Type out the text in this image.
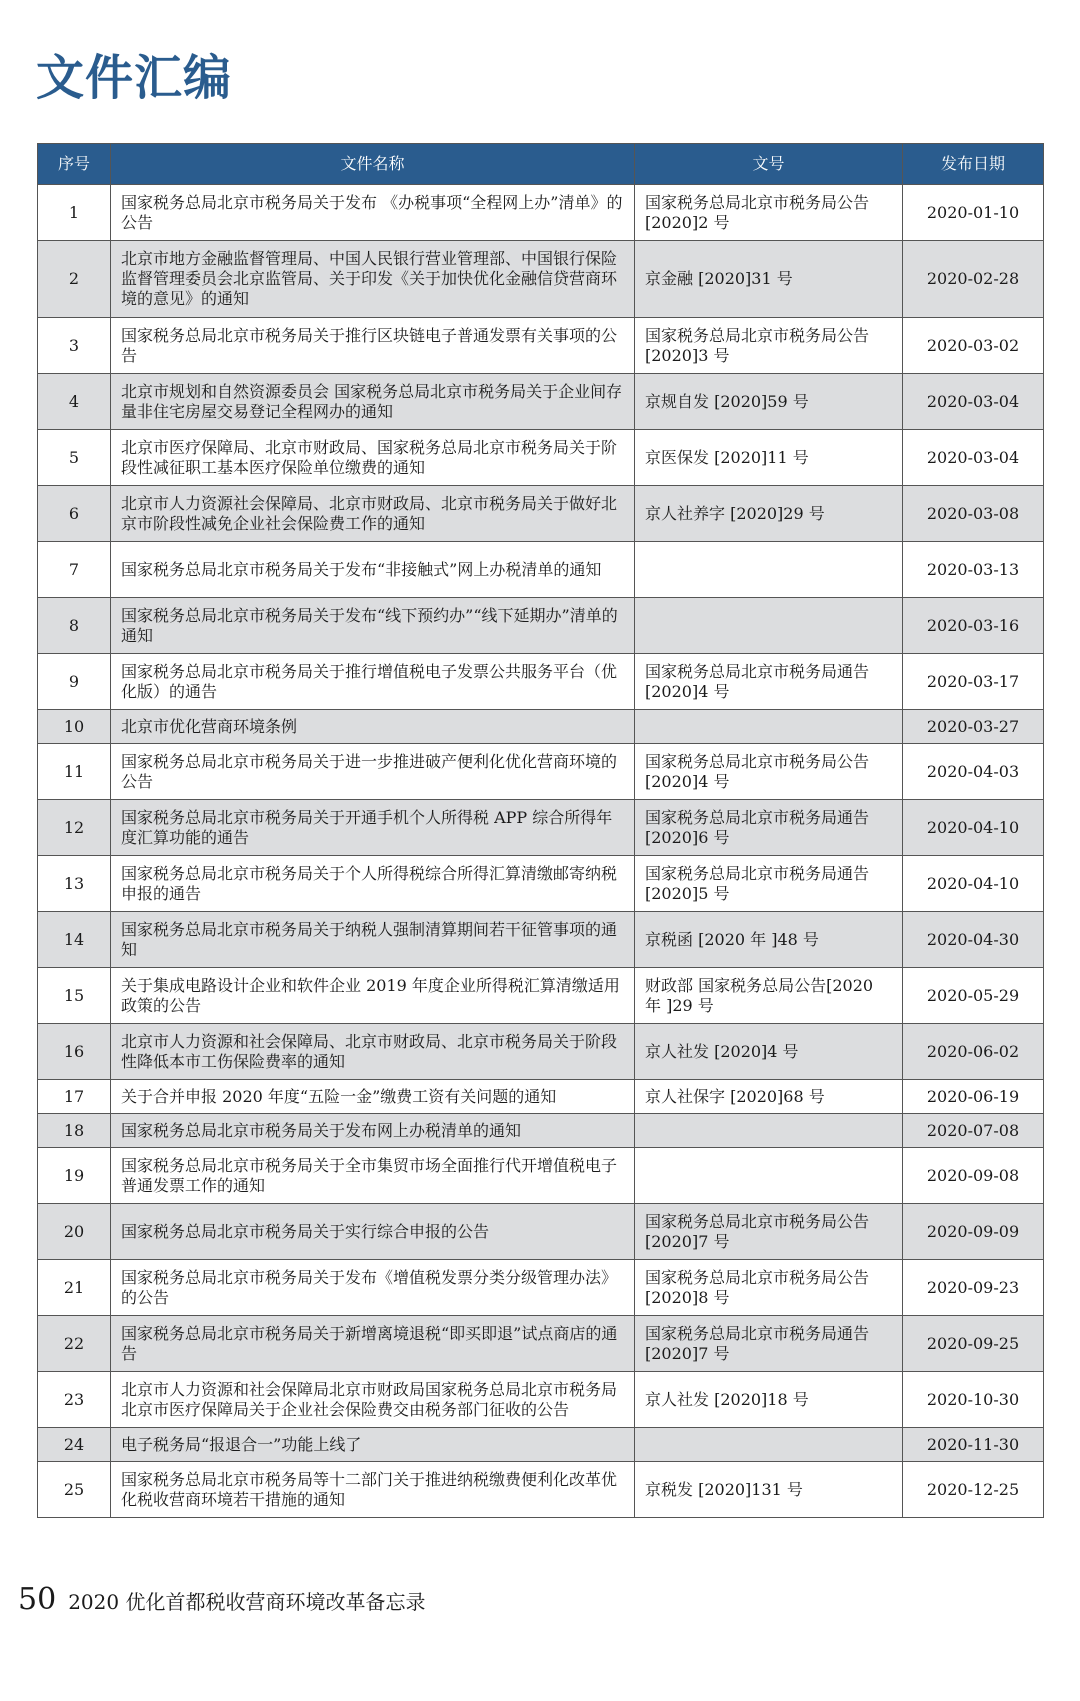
文件汇编
序号	文件名称	文号	发布日期
1	国家税务总局北京市税务局关于发布 《办税事项“全程网上办”清单》的公告	国家税务总局北京市税务局公告[2020]2 号	2020-01-10
2	北京市地方金融监督管理局、中国人民银行营业管理部、中国银行保险监督管理委员会北京监管局、关于印发《关于加快优化金融信贷营商环境的意见》的通知	京金融 [2020]31 号	2020-02-28
3	国家税务总局北京市税务局关于推行区块链电子普通发票有关事项的公告	国家税务总局北京市税务局公告[2020]3 号	2020-03-02
4	北京市规划和自然资源委员会 国家税务总局北京市税务局关于企业间存量非住宅房屋交易登记全程网办的通知	京规自发 [2020]59 号	2020-03-04
5	北京市医疗保障局、北京市财政局、国家税务总局北京市税务局关于阶段性减征职工基本医疗保险单位缴费的通知	京医保发 [2020]11 号	2020-03-04
6	北京市人力资源社会保障局、北京市财政局、北京市税务局关于做好北京市阶段性减免企业社会保险费工作的通知	京人社养字 [2020]29 号	2020-03-08
7	国家税务总局北京市税务局关于发布“非接触式”网上办税清单的通知		2020-03-13
8	国家税务总局北京市税务局关于发布“线下预约办”“线下延期办”清单的通知		2020-03-16
9	国家税务总局北京市税务局关于推行增值税电子发票公共服务平台（优化版）的通告	国家税务总局北京市税务局通告[2020]4 号	2020-03-17
10	北京市优化营商环境条例		2020-03-27
11	国家税务总局北京市税务局关于进一步推进破产便利化优化营商环境的公告	国家税务总局北京市税务局公告[2020]4 号	2020-04-03
12	国家税务总局北京市税务局关于开通手机个人所得税 APP 综合所得年度汇算功能的通告	国家税务总局北京市税务局通告[2020]6 号	2020-04-10
13	国家税务总局北京市税务局关于个人所得税综合所得汇算清缴邮寄纳税申报的通告	国家税务总局北京市税务局通告[2020]5 号	2020-04-10
14	国家税务总局北京市税务局关于纳税人强制清算期间若干征管事项的通知	京税函 [2020 年 ]48 号	2020-04-30
15	关于集成电路设计企业和软件企业 2019 年度企业所得税汇算清缴适用政策的公告	财政部 国家税务总局公告[2020 年 ]29 号	2020-05-29
16	北京市人力资源和社会保障局、北京市财政局、北京市税务局关于阶段性降低本市工伤保险费率的通知	京人社发 [2020]4 号	2020-06-02
17	关于合并申报 2020 年度“五险一金”缴费工资有关问题的通知	京人社保字 [2020]68 号	2020-06-19
18	国家税务总局北京市税务局关于发布网上办税清单的通知		2020-07-08
19	国家税务总局北京市税务局关于全市集贸市场全面推行代开增值税电子普通发票工作的通知		2020-09-08
20	国家税务总局北京市税务局关于实行综合申报的公告	国家税务总局北京市税务局公告[2020]7 号	2020-09-09
21	国家税务总局北京市税务局关于发布《增值税发票分类分级管理办法》的公告	国家税务总局北京市税务局公告[2020]8 号	2020-09-23
22	国家税务总局北京市税务局关于新增离境退税“即买即退”试点商店的通告	国家税务总局北京市税务局通告[2020]7 号	2020-09-25
23	北京市人力资源和社会保障局北京市财政局国家税务总局北京市税务局北京市医疗保障局关于企业社会保险费交由税务部门征收的公告	京人社发 [2020]18 号	2020-10-30
24	电子税务局“报退合一”功能上线了		2020-11-30
25	国家税务总局北京市税务局等十二部门关于推进纳税缴费便利化改革优化税收营商环境若干措施的通知	京税发 [2020]131 号	2020-12-25
50 2020 优化首都税收营商环境改革备忘录
